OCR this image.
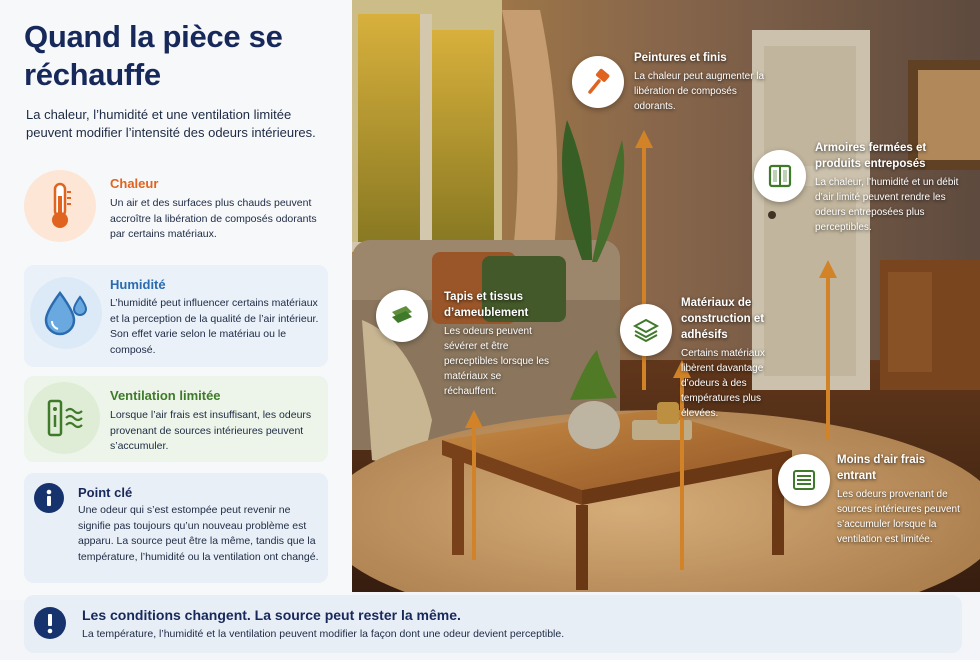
Quand la pièce se réchauffe

La chaleur, l’humidité et une ventilation limitée peuvent modifier l’intensité des odeurs intérieures.

Chaleur

Un air et des surfaces plus chauds peuvent accroître la libération de composés odorants par certains matériaux.

Humidité

L’humidité peut influencer certains matériaux et la perception de la qualité de l’air intérieur. Son effet varie selon le matériau ou le composé.

Ventilation limitée

Lorsque l’air frais est insuffisant, les odeurs provenant de sources intérieures peuvent s’accumuler.

Point clé

Une odeur qui s’est estompée peut revenir ne signifie pas toujours qu’un nouveau problème est apparu. La source peut être la même, tandis que la température, l’humidité ou la ventilation ont changé.

Peintures et finis

La chaleur peut augmenter la libération de composés odorants.

Armoires fermées et produits entreposés

La chaleur, l’humidité et un débit d’air limité peuvent rendre les odeurs entreposées plus perceptibles.

Tapis et tissus d’ameublement

Les odeurs peuvent sévérer et être perceptibles lorsque les matériaux se réchauffent.

Matériaux de construction et adhésifs

Certains matériaux libèrent davantage d’odeurs à des températures plus élevées.

Moins d’air frais entrant

Les odeurs provenant de sources intérieures peuvent s’accumuler lorsque la ventilation est limitée.

Les conditions changent. La source peut rester la même.

La température, l’humidité et la ventilation peuvent modifier la façon dont une odeur devient perceptible.
